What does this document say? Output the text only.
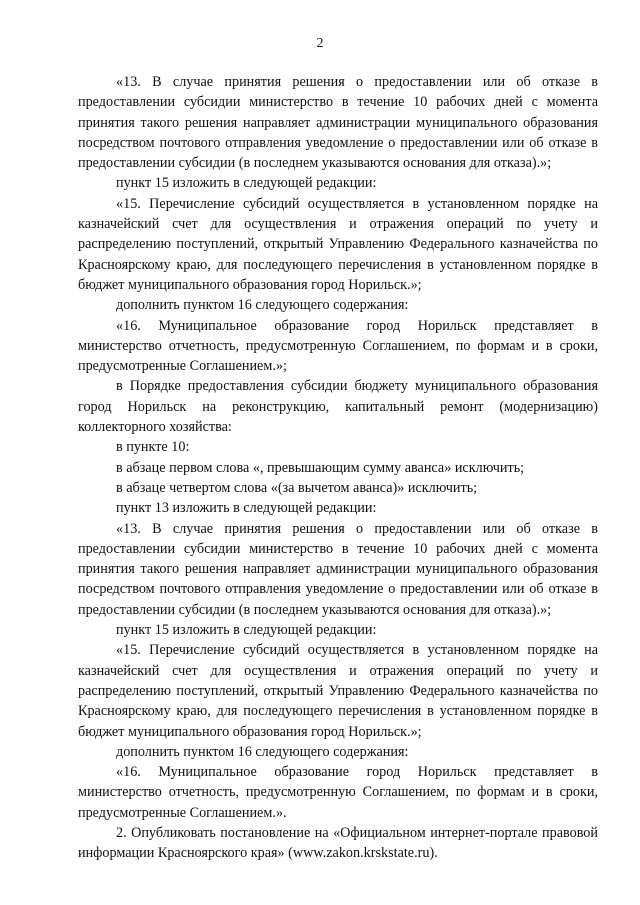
2

«13. В случае принятия решения о предоставлении или об отказе в предоставлении субсидии министерство в течение 10 рабочих дней с момента принятия такого решения направляет администрации муниципального образования посредством почтового отправления уведомление о предоставлении или об отказе в предоставлении субсидии (в последнем указываются основания для отказа).»;

пункт 15 изложить в следующей редакции:

«15. Перечисление субсидий осуществляется в установленном порядке на казначейский счет для осуществления и отражения операций по учету и распределению поступлений, открытый Управлению Федерального казначейства по Красноярскому краю, для последующего перечисления в установленном порядке в бюджет муниципального образования город Норильск.»;

дополнить пунктом 16 следующего содержания:

«16. Муниципальное образование город Норильск представляет в министерство отчетность, предусмотренную Соглашением, по формам и в сроки, предусмотренные Соглашением.»;

в Порядке предоставления субсидии бюджету муниципального образования город Норильск на реконструкцию, капитальный ремонт (модернизацию) коллекторного хозяйства:

в пункте 10:

в абзаце первом слова «, превышающим сумму аванса» исключить;

в абзаце четвертом слова «(за вычетом аванса)» исключить;

пункт 13 изложить в следующей редакции:

«13. В случае принятия решения о предоставлении или об отказе в предоставлении субсидии министерство в течение 10 рабочих дней с момента принятия такого решения направляет администрации муниципального образования посредством почтового отправления уведомление о предоставлении или об отказе в предоставлении субсидии (в последнем указываются основания для отказа).»;

пункт 15 изложить в следующей редакции:

«15. Перечисление субсидий осуществляется в установленном порядке на казначейский счет для осуществления и отражения операций по учету и распределению поступлений, открытый Управлению Федерального казначейства по Красноярскому краю, для последующего перечисления в установленном порядке в бюджет муниципального образования город Норильск.»;

дополнить пунктом 16 следующего содержания:

«16. Муниципальное образование город Норильск представляет в министерство отчетность, предусмотренную Соглашением, по формам и в сроки, предусмотренные Соглашением.».

2. Опубликовать постановление на «Официальном интернет-портале правовой информации Красноярского края» (www.zakon.krskstate.ru).
